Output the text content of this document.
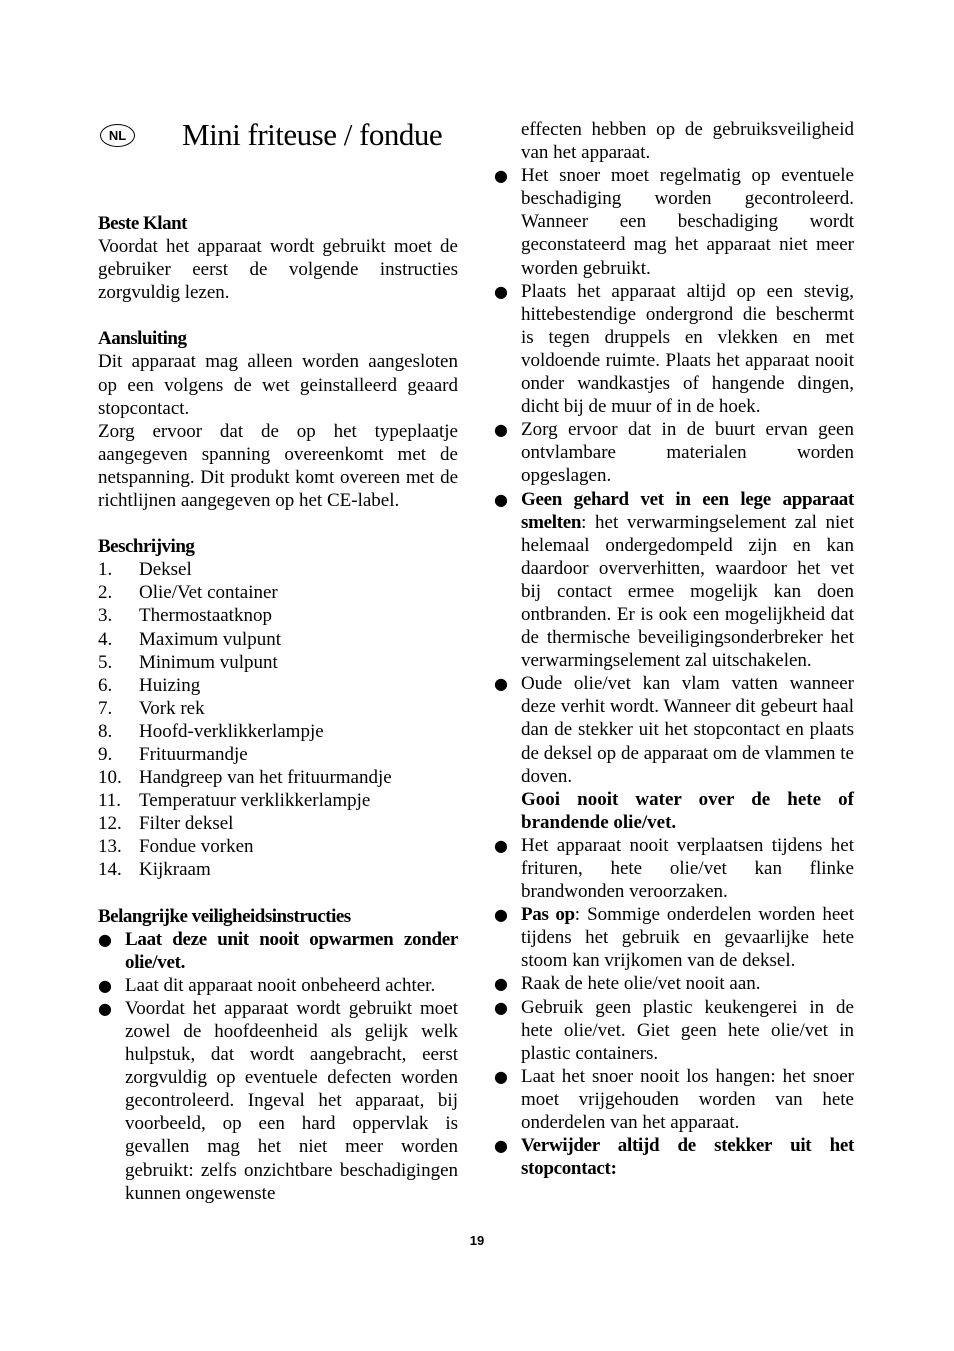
NL Mini friteuse / fondue
Beste Klant
Voordat het apparaat wordt gebruikt moet de gebruiker eerst de volgende instructies zorgvuldig lezen.
Aansluiting
Dit apparaat mag alleen worden aangesloten op een volgens de wet geinstalleerd geaard stopcontact.
Zorg ervoor dat de op het typeplaatje aangegeven spanning overeenkomt met de netspanning. Dit produkt komt overeen met de richtlijnen aangegeven op het CE-label.
Beschrijving
1.	Deksel
2.	Olie/Vet container
3.	Thermostaatknop
4.	Maximum vulpunt
5.	Minimum vulpunt
6.	Huizing
7.	Vork rek
8.	Hoofd-verklikkerlampje
9.	Frituurmandje
10. Handgreep van het frituurmandje
11. Temperatuur verklikkerlampje
12. Filter deksel
13. Fondue vorken
14. Kijkraam
Belangrijke veiligheidsinstructies
● Laat deze unit nooit opwarmen zonder olie/vet.
● Laat dit apparaat nooit onbeheerd achter.
● Voordat het apparaat wordt gebruikt moet zowel de hoofdeenheid als gelijk welk hulpstuk, dat wordt aangebracht, eerst zorgvuldig op eventuele defecten worden gecontroleerd. Ingeval het apparaat, bij voorbeeld, op een hard oppervlak is gevallen mag het niet meer worden gebruikt: zelfs onzichtbare beschadigingen kunnen ongewenste
effecten hebben op de gebruiksveiligheid van het apparaat.
● Het snoer moet regelmatig op eventuele beschadiging worden gecontroleerd. Wanneer een beschadiging wordt geconstateerd mag het apparaat niet meer worden gebruikt.
● Plaats het apparaat altijd op een stevig, hittebestendige ondergrond die beschermt is tegen druppels en vlekken en met voldoende ruimte. Plaats het apparaat nooit onder wandkastjes of hangende dingen, dicht bij de muur of in de hoek.
● Zorg ervoor dat in de buurt ervan geen ontvlambare materialen worden opgeslagen.
● Geen gehard vet in een lege apparaat smelten: het verwarmingselement zal niet helemaal ondergedompeld zijn en kan daardoor oververhitten, waardoor het vet bij contact ermee mogelijk kan doen ontbranden. Er is ook een mogelijkheid dat de thermische beveiligingsonderbreker het verwarmingselement zal uitschakelen.
● Oude olie/vet kan vlam vatten wanneer deze verhit wordt. Wanneer dit gebeurt haal dan de stekker uit het stopcontact en plaats de deksel op de apparaat om de vlammen te doven.
Gooi nooit water over de hete of brandende olie/vet.
● Het apparaat nooit verplaatsen tijdens het frituren, hete olie/vet kan flinke brandwonden veroorzaken.
● Pas op: Sommige onderdelen worden heet tijdens het gebruik en gevaarlijke hete stoom kan vrijkomen van de deksel.
● Raak de hete olie/vet nooit aan.
● Gebruik geen plastic keukengerei in de hete olie/vet. Giet geen hete olie/vet in plastic containers.
● Laat het snoer nooit los hangen: het snoer moet vrijgehouden worden van hete onderdelen van het apparaat.
● Verwijder altijd de stekker uit het stopcontact:
19
